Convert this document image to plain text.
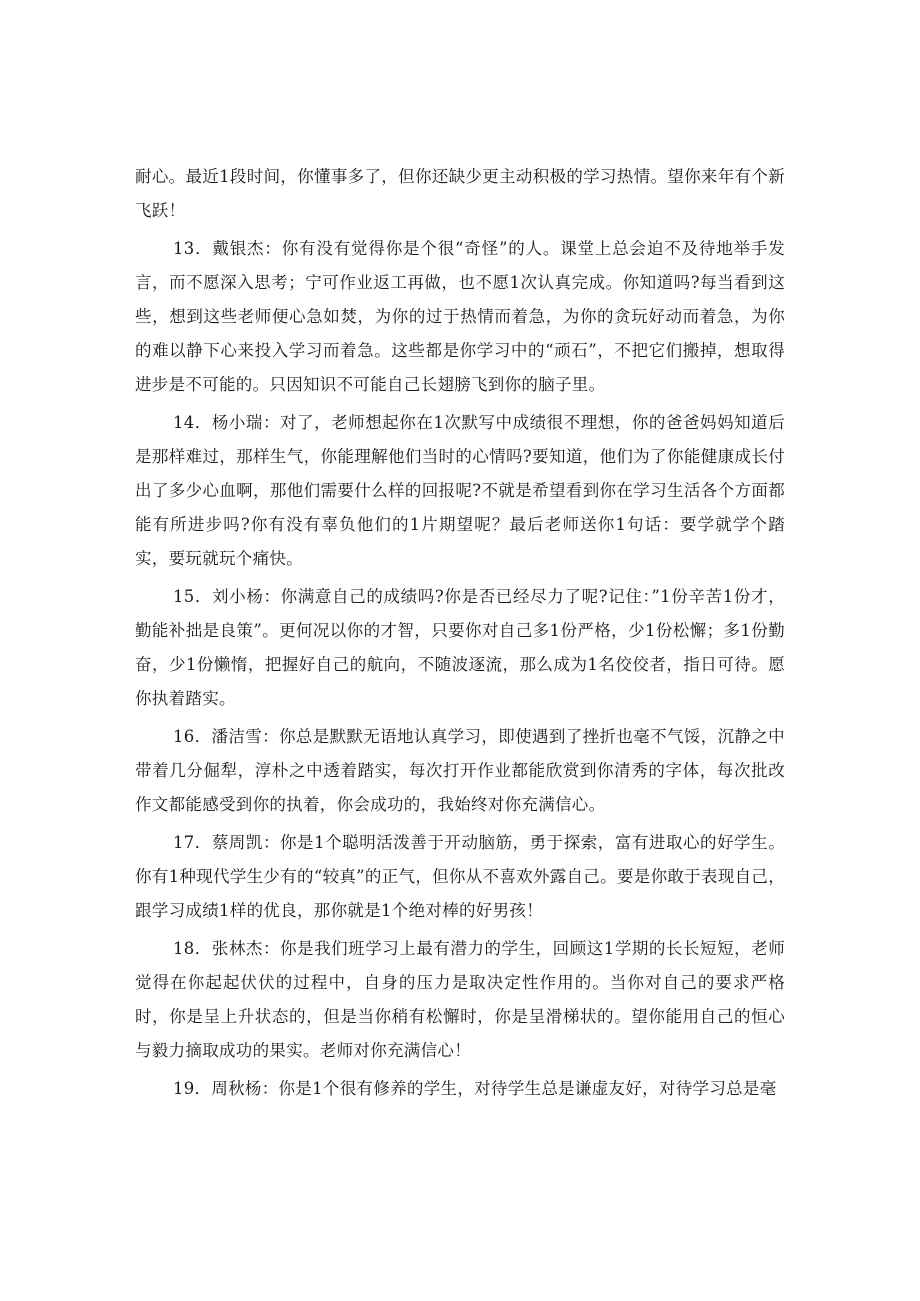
耐心。最近1段时间，你懂事多了，但你还缺少更主动积极的学习热情。望你来年有个新飞跃！

13．戴银杰：你有没有觉得你是个很“奇怪”的人。课堂上总会迫不及待地举手发言，而不愿深入思考；宁可作业返工再做，也不愿1次认真完成。你知道吗?每当看到这些，想到这些老师便心急如焚，为你的过于热情而着急，为你的贪玩好动而着急，为你的难以静下心来投入学习而着急。这些都是你学习中的“顽石”，不把它们搬掉，想取得进步是不可能的。只因知识不可能自己长翅膀飞到你的脑子里。

14．杨小瑞：对了，老师想起你在1次默写中成绩很不理想，你的爸爸妈妈知道后是那样难过，那样生气，你能理解他们当时的心情吗?要知道，他们为了你能健康成长付出了多少心血啊，那他们需要什么样的回报呢?不就是希望看到你在学习生活各个方面都能有所进步吗?你有没有辜负他们的1片期望呢？最后老师送你1句话：要学就学个踏实，要玩就玩个痛快。

15．刘小杨：你满意自己的成绩吗?你是否已经尽力了呢?记住：”1份辛苦1份才，勤能补拙是良策”。更何况以你的才智，只要你对自己多1份严格，少1份松懈；多1份勤奋，少1份懒惰，把握好自己的航向，不随波逐流，那么成为1名佼佼者，指日可待。愿你执着踏实。

16．潘洁雪：你总是默默无语地认真学习，即使遇到了挫折也毫不气馁，沉静之中带着几分倔犁，淳朴之中透着踏实，每次打开作业都能欣赏到你清秀的字体，每次批改作文都能感受到你的执着，你会成功的，我始终对你充满信心。

17．蔡周凯：你是1个聪明活泼善于开动脑筋，勇于探索，富有进取心的好学生。你有1种现代学生少有的“较真”的正气，但你从不喜欢外露自己。要是你敢于表现自己，跟学习成绩1样的优良，那你就是1个绝对棒的好男孩！

18．张林杰：你是我们班学习上最有潜力的学生，回顾这1学期的长长短短，老师觉得在你起起伏伏的过程中，自身的压力是取决定性作用的。当你对自己的要求严格时，你是呈上升状态的，但是当你稍有松懈时，你是呈滑梯状的。望你能用自己的恒心与毅力摘取成功的果实。老师对你充满信心！

19．周秋杨：你是1个很有修养的学生，对待学生总是谦虚友好，对待学习总是毫
